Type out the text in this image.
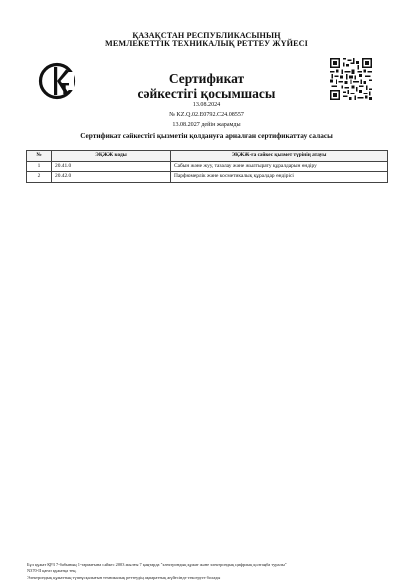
ҚАЗАҚСТАН РЕСПУБЛИКАСЫНЫҢ
МЕМЛЕКЕТТІК ТЕХНИКАЛЫҚ РЕТТЕУ ЖҮЙЕСІ
Сертификат
сәйкестігі қосымшасы
13.08.2024
№ KZ.Q.02.E0792.C24.08557
13.08.2027 дейін жарамды
Сертификат сәйкестігі қызметін қолдануға арналған сертификаттау саласы
№	ЭҚЖЖ коды	ЭҚЖЖ-ға сәйкес қызмет түрінің атауы
1	20.41.0	Сабын және жуу, тазалау және жылтырату құралдарын өндіру
2	20.42.0	Парфюмерлік және косметикалық құралдар өндірісі
Бұл құжат ҚРЗ 7-бабының 1-тармағына сәйкес 2003 жылғы 7 қаңтарда "электрондық құжат және электрондық цифрлық қолтаңба туралы"
N370-II қағаз құжатқа тең.
Электрондық құжаттың түпнұсқалығын техникалық реттеудің ақпараттық жүйесінде тексеруге болады
